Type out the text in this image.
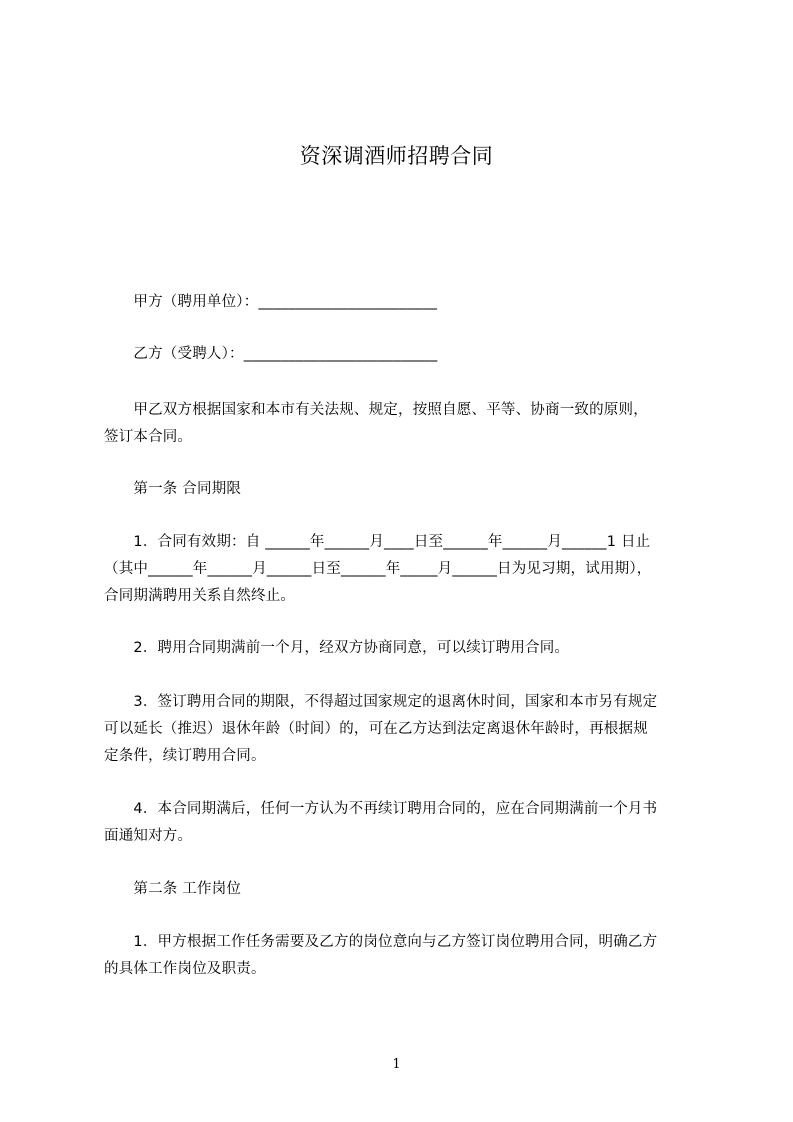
资深调酒师招聘合同
　　甲方（聘用单位）：________________________
　　乙方（受聘人）：__________________________
　　甲乙双方根据国家和本市有关法规、规定，按照自愿、平等、协商一致的原则，
签订本合同。
　　第一条 合同期限
　　1．合同有效期：自 ______年______月____日至______年______月______1 日止
（其中______年______月______日至______年_____月______日为见习期，试用期），
合同期满聘用关系自然终止。
　　2．聘用合同期满前一个月，经双方协商同意，可以续订聘用合同。
　　3．签订聘用合同的期限，不得超过国家规定的退离休时间，国家和本市另有规定
可以延长（推迟）退休年龄（时间）的，可在乙方达到法定离退休年龄时，再根据规
定条件，续订聘用合同。
　　4．本合同期满后，任何一方认为不再续订聘用合同的，应在合同期满前一个月书
面通知对方。
　　第二条 工作岗位
　　1．甲方根据工作任务需要及乙方的岗位意向与乙方签订岗位聘用合同，明确乙方
的具体工作岗位及职责。
1
